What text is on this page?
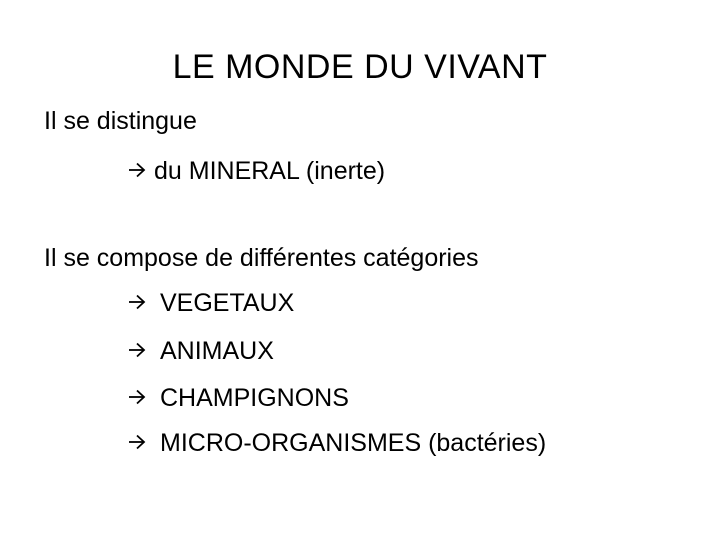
LE MONDE DU VIVANT
Il se distingue
du MINERAL (inerte)
Il se compose de différentes catégories
VEGETAUX
ANIMAUX
CHAMPIGNONS
MICRO-ORGANISMES (bactéries)
